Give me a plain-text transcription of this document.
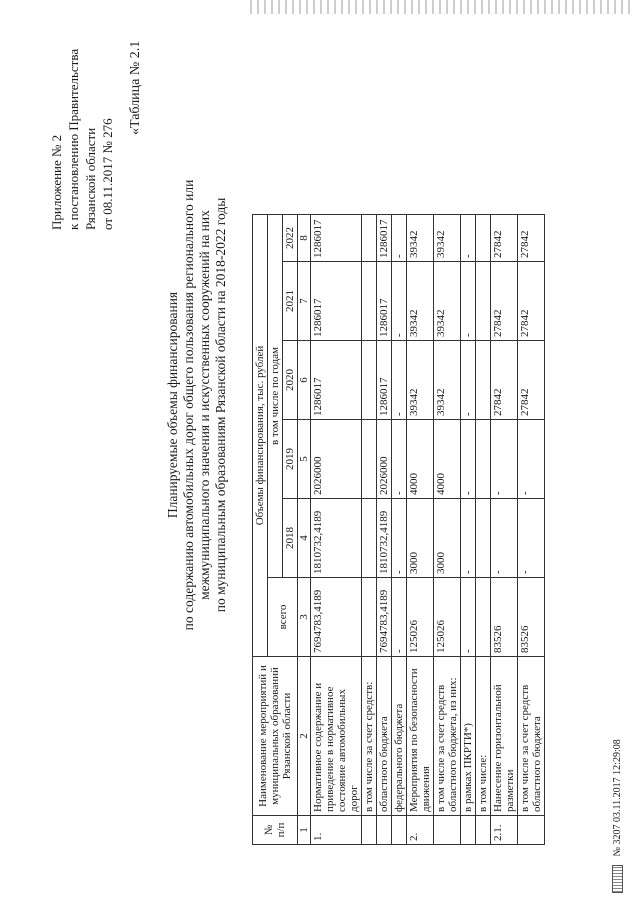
Приложение № 2 к постановлению Правительства Рязанской области от 08.11.2017 № 276
«Таблица № 2.1
Планируемые объемы финансирования по содержанию автомобильных дорог общего пользования регионального или межмуниципального значения и искусственных сооружений на них по муниципальным образованиям Рязанской области на 2018-2022 годы
№ п/п	Наименование мероприятий и муниципальных образований Рязанской области	Объемы финансирования, тыс. рублей					
		всего	в том числе по годам				
			2018	2019	2020	2021	2022
1	2	3	4	5	6	7	8
1.	Нормативное содержание и приведение в нормативное состояние автомобильных дорог	7694783,4189	1810732,4189	2026000	1286017	1286017	1286017
	в том числе за счет средств:						
	областного бюджета	7694783,4189	1810732,4189	2026000	1286017	1286017	1286017
	федерального бюджета	-	-	-	-	-	-
2.	Мероприятия по безопасности движения	125026	3000	4000	39342	39342	39342
	в том числе за счет средств областного бюджета, из них:	125026	3000	4000	39342	39342	39342
	в рамках ПКРТИ*)	-	-	-	-	-	-
	в том числе:						
2.1.	Нанесение горизонтальной разметки	83526	-	-	27842	27842	27842
	в том числе за счет средств областного бюджета	83526	-	-	27842	27842	27842
№ 3207 03.11.2017 12:29:08
